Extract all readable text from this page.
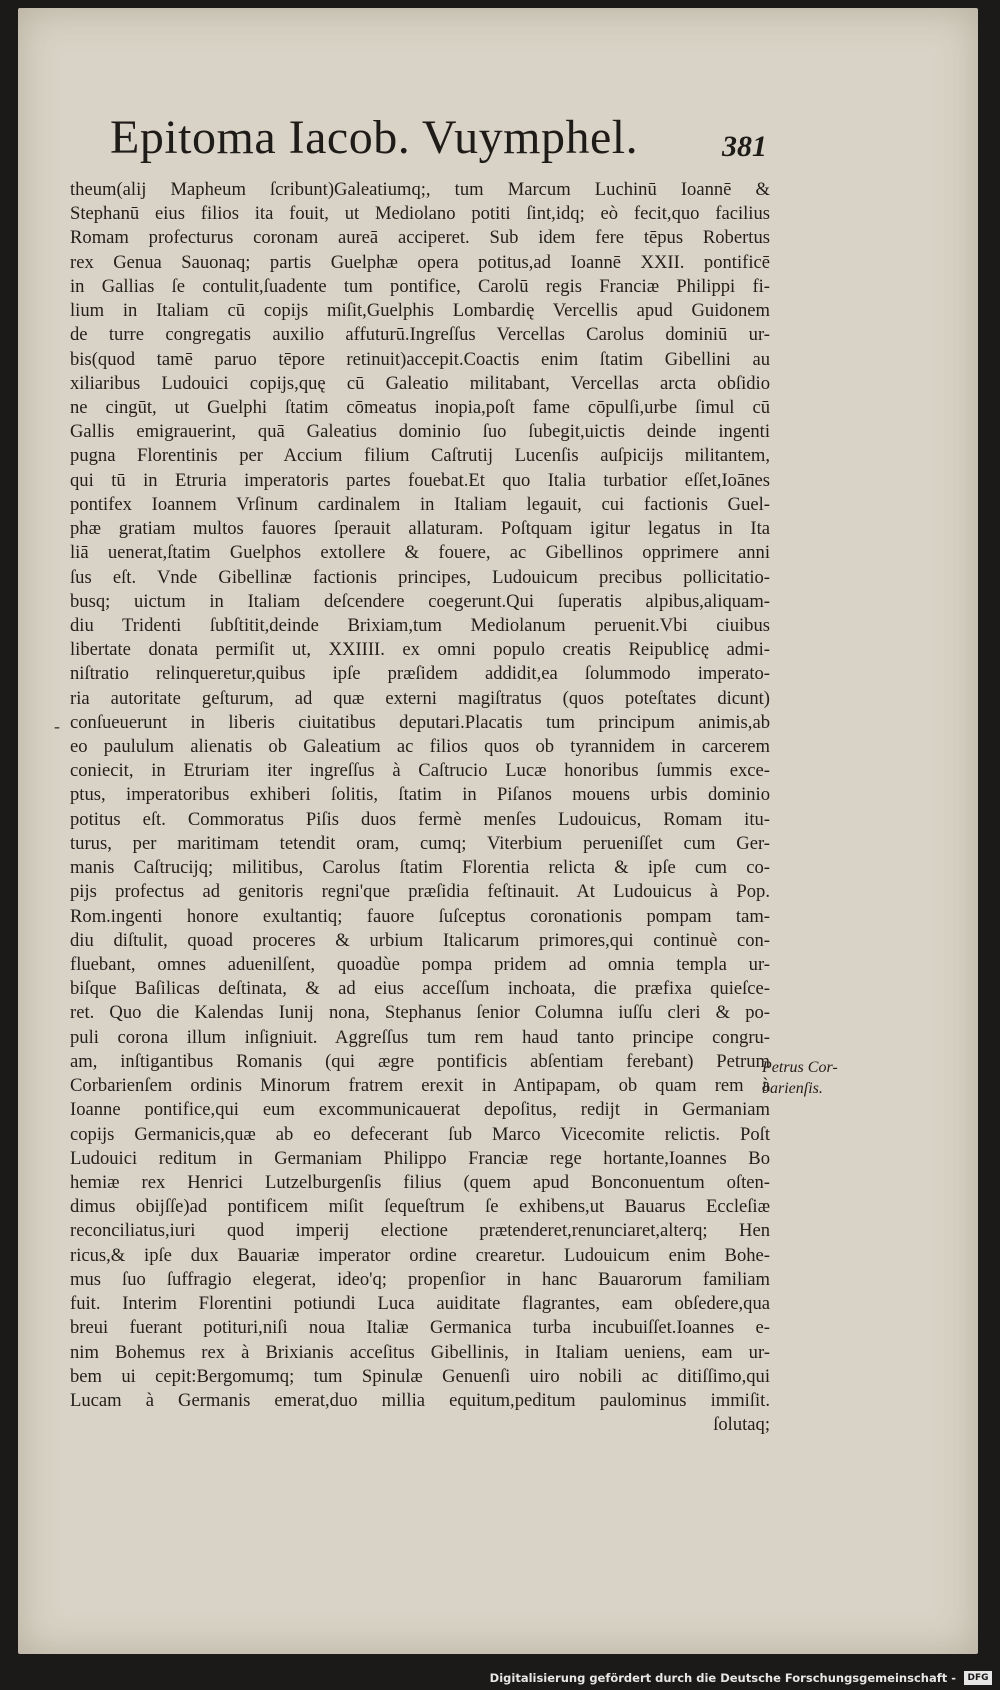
Epitoma Iacob. Vuymphel.	381
-
theum(alij Mapheum ſcribunt)Galeatiumq;, tum Marcum Luchinū Ioannē &
Stephanū eius filios ita fouit, ut Mediolano potiti ſint,idq; eò fecit,quo facilius
Romam profecturus coronam aureā acciperet. Sub idem fere tēpus Robertus
rex Genua Sauonaq; partis Guelphæ opera potitus,ad Ioannē XXII. pontificē
in Gallias ſe contulit,ſuadente tum pontifice, Carolū regis Franciæ Philippi fi-
lium in Italiam cū copijs miſit,Guelphis Lombardię Vercellis apud Guidonem
de turre congregatis auxilio affuturū.Ingreſſus Vercellas Carolus dominiū ur-
bis(quod tamē paruo tēpore retinuit)accepit.Coactis enim ſtatim Gibellini au
xiliaribus Ludouici copijs,quę cū Galeatio militabant, Vercellas arcta obſidio
ne cingūt, ut Guelphi ſtatim cōmeatus inopia,poſt fame cōpulſi,urbe ſimul cū
Gallis emigrauerint, quā Galeatius dominio ſuo ſubegit,uictis deinde ingenti
pugna Florentinis per Accium filium Caſtrutij Lucenſis auſpicijs militantem,
qui tū in Etruria imperatoris partes fouebat.Et quo Italia turbatior eſſet,Ioānes
pontifex Ioannem Vrſinum cardinalem in Italiam legauit, cui factionis Guel-
phæ gratiam multos fauores ſperauit allaturam. Poſtquam igitur legatus in Ita
liā uenerat,ſtatim Guelphos extollere & fouere, ac Gibellinos opprimere anni
ſus eſt. Vnde Gibellinæ factionis principes, Ludouicum precibus pollicitatio-
busq; uictum in Italiam deſcendere coegerunt.Qui ſuperatis alpibus,aliquam-
diu Tridenti ſubſtitit,deinde Brixiam,tum Mediolanum peruenit.Vbi ciuibus
libertate donata permiſit ut, XXIIII. ex omni populo creatis Reipublicę admi-
niſtratio relinqueretur,quibus ipſe præſidem addidit,ea ſolummodo imperato-
ria autoritate geſturum, ad quæ externi magiſtratus (quos poteſtates dicunt)
conſueuerunt in liberis ciuitatibus deputari.Placatis tum principum animis,ab
eo paululum alienatis ob Galeatium ac filios quos ob tyrannidem in carcerem
coniecit, in Etruriam iter ingreſſus à Caſtrucio Lucæ honoribus ſummis exce-
ptus, imperatoribus exhiberi ſolitis, ſtatim in Piſanos mouens urbis dominio
potitus eſt. Commoratus Piſis duos fermè menſes Ludouicus, Romam itu-
turus, per maritimam tetendit oram, cumq; Viterbium perueniſſet cum Ger-
manis Caſtrucijq; militibus, Carolus ſtatim Florentia relicta & ipſe cum co-
pijs profectus ad genitoris regni'que præſidia feſtinauit. At Ludouicus à Pop.
Rom.ingenti honore exultantiq; fauore ſuſceptus coronationis pompam tam-
diu diſtulit, quoad proceres & urbium Italicarum primores,qui continuè con-
fluebant, omnes aduenilſent, quoadùe pompa pridem ad omnia templa ur-
biſque Baſilicas deſtinata, & ad eius acceſſum inchoata, die præfixa quieſce-
ret. Quo die Kalendas Iunij nona, Stephanus ſenior Columna iuſſu cleri & po-
puli corona illum inſigniuit. Aggreſſus tum rem haud tanto principe congru-
am, inſtigantibus Romanis (qui ægre pontificis abſentiam ferebant) Petrum
Corbarienſem ordinis Minorum fratrem erexit in Antipapam, ob quam rem à
Ioanne pontifice,qui eum excommunicauerat depoſitus, redijt in Germaniam
copijs Germanicis,quæ ab eo defecerant ſub Marco Vicecomite relictis. Poſt
Ludouici reditum in Germaniam Philippo Franciæ rege hortante,Ioannes Bo
hemiæ rex Henrici Lutzelburgenſis filius (quem apud Bonconuentum oſten-
dimus obijſſe)ad pontificem miſit ſequeſtrum ſe exhibens,ut Bauarus Eccleſiæ
reconciliatus,iuri quod imperij electione prætenderet,renunciaret,alterq; Hen
ricus,& ipſe dux Bauariæ imperator ordine crearetur. Ludouicum enim Bohe-
mus ſuo ſuffragio elegerat, ideo'q; propenſior in hanc Bauarorum familiam
fuit. Interim Florentini potiundi Luca auiditate flagrantes, eam obſedere,qua
breui fuerant potituri,niſi noua Italiæ Germanica turba incubuiſſet.Ioannes e-
nim Bohemus rex à Brixianis acceſitus Gibellinis, in Italiam ueniens, eam ur-
bem ui cepit:Bergomumq; tum Spinulæ Genuenſi uiro nobili ac ditiſſimo,qui
Lucam à Germanis emerat,duo millia equitum,peditum paulominus immiſit.
ſolutaq;
Petrus Cor-
barienſis.
Digitalisierung gefördert durch die Deutsche Forschungsgemeinschaft -	DFG
